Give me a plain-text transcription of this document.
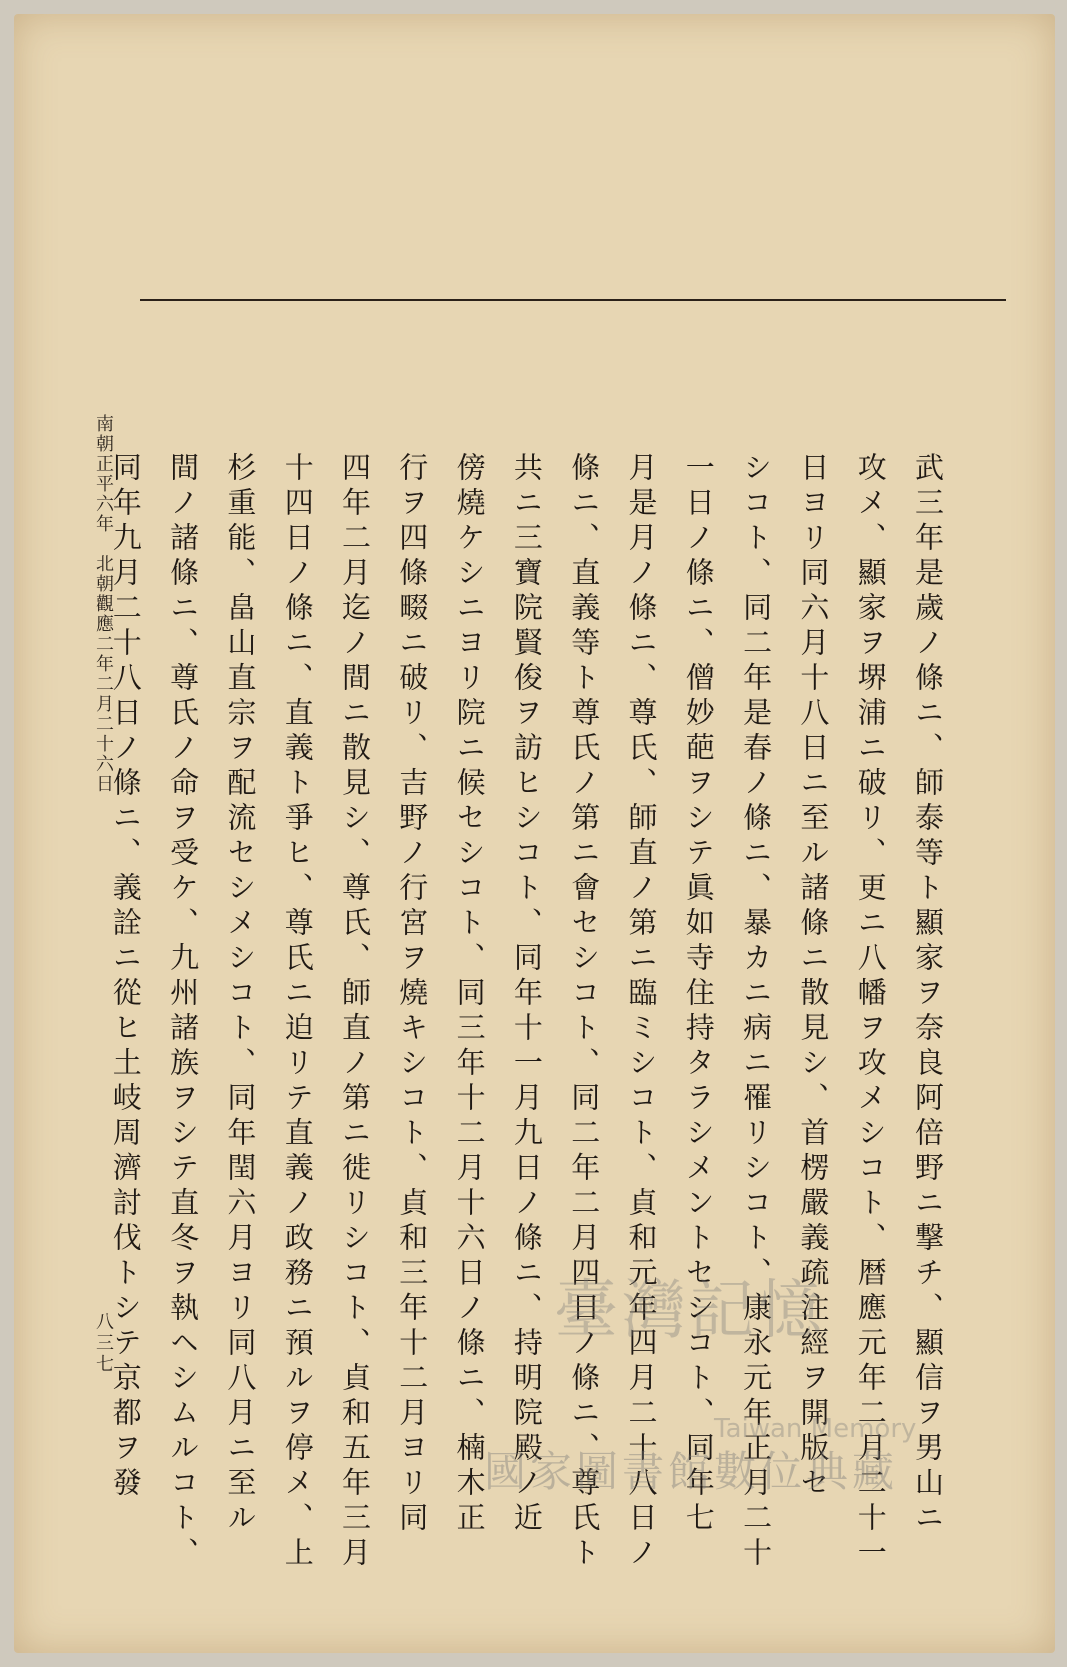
武三年是歲ノ條ニ、師泰等ト顯家ヲ奈良阿倍野ニ撃チ、顯信ヲ男山ニ
攻メ、顯家ヲ堺浦ニ破リ、更ニ八幡ヲ攻メシコト、暦應元年二月二十一
日ヨリ同六月十八日ニ至ル諸條ニ散見シ、首楞嚴義疏注經ヲ開版セ
シコト、同二年是春ノ條ニ、暴カニ病ニ罹リシコト、康永元年正月二十
一日ノ條ニ、僧妙葩ヲシテ眞如寺住持タラシメントセシコト、同年七
月是月ノ條ニ、尊氏、師直ノ第ニ臨ミシコト、貞和元年四月二十八日ノ
條ニ、直義等ト尊氏ノ第ニ會セシコト、同二年二月四日ノ條ニ、尊氏ト
共ニ三寶院賢俊ヲ訪ヒシコト、同年十一月九日ノ條ニ、持明院殿ノ近
傍燒ケシニヨリ院ニ候セシコト、同三年十二月十六日ノ條ニ、楠木正
行ヲ四條畷ニ破リ、吉野ノ行宮ヲ燒キシコト、貞和三年十二月ヨリ同
四年二月迄ノ間ニ散見シ、尊氏、師直ノ第ニ徙リシコト、貞和五年三月
十四日ノ條ニ、直義ト爭ヒ、尊氏ニ迫リテ直義ノ政務ニ預ルヲ停メ、上
杉重能、畠山直宗ヲ配流セシメシコト、同年閏六月ヨリ同八月ニ至ル
間ノ諸條ニ、尊氏ノ命ヲ受ケ、九州諸族ヲシテ直冬ヲ執ヘシムルコト、
同年九月二十八日ノ條ニ、義詮ニ從ヒ土岐周濟討伐トシテ京都ヲ發
南朝正平六年　北朝觀應二年二月二十六日
八三七	臺灣記憶
Taiwan Memory
國家圖書館數位典藏
